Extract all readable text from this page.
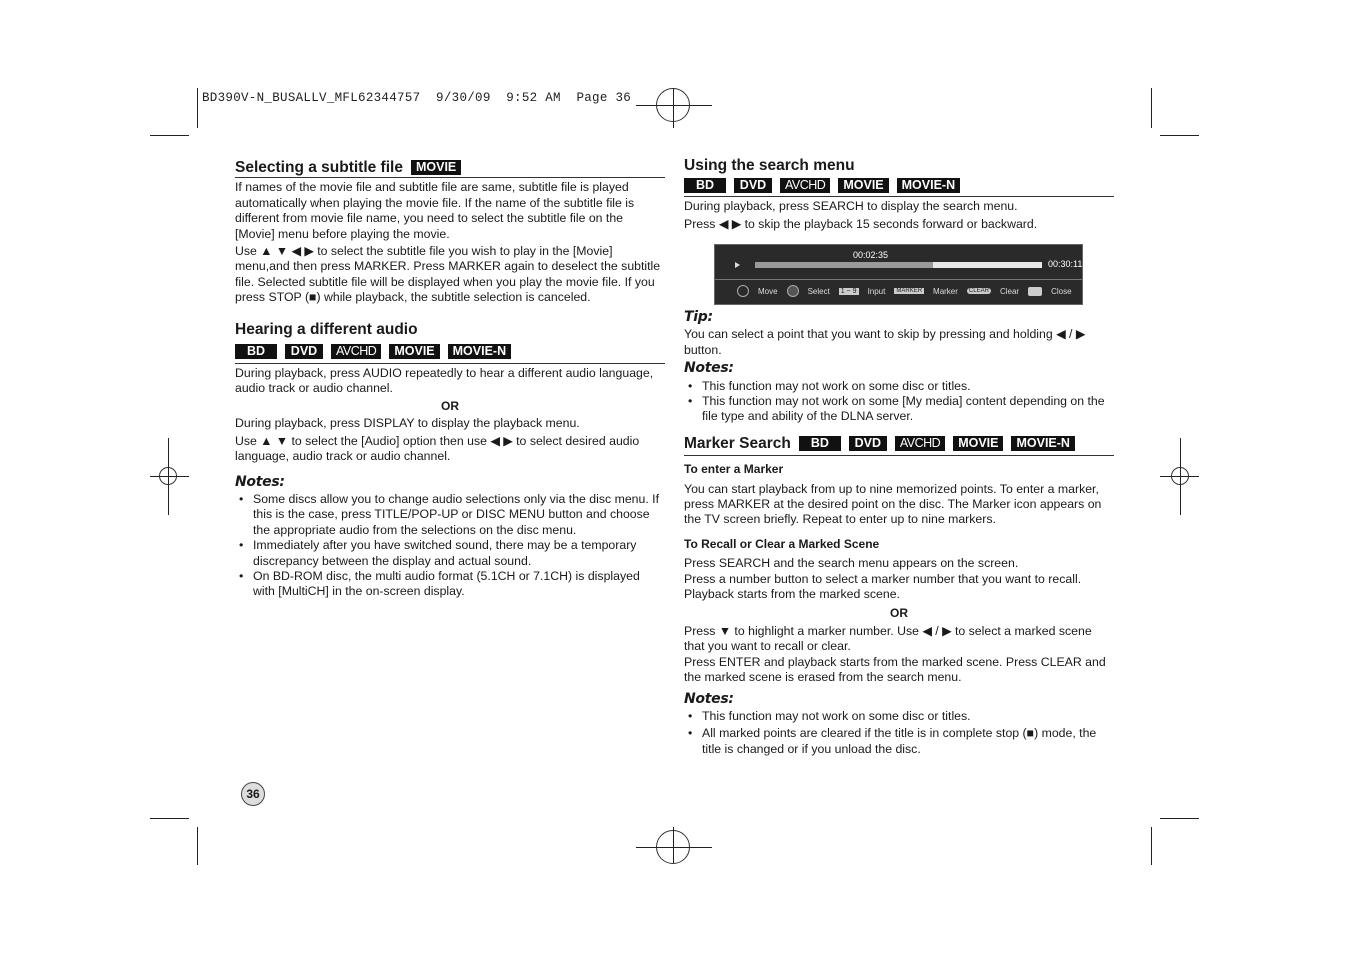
BD390V-N_BUSALLV_MFL62344757  9/30/09  9:52 AM  Page 36
Selecting a subtitle file	MOVIE

If names of the movie file and subtitle file are same, subtitle file is played automatically when playing the movie file. If the name of the subtitle file is different from movie file name, you need to select the subtitle file on the [Movie] menu before playing the movie.

Use ▲ ▼ ◀ ▶ to select the subtitle file you wish to play in the [Movie] menu,and then press MARKER. Press MARKER again to deselect the subtitle file. Selected subtitle file will be displayed when you play the movie file. If you press STOP (■) while playback, the subtitle selection is canceled.

Hearing a different audio
BD	DVD	AVCHD	MOVIE	MOVIE-N

During playback, press AUDIO repeatedly to hear a different audio language, audio track or audio channel.

OR

During playback, press DISPLAY to display the playback menu.

Use ▲ ▼ to select the [Audio] option then use ◀ ▶ to select desired audio language, audio track or audio channel.

Notes:
• Some discs allow you to change audio selections only via the disc menu. If this is the case, press TITLE/POP-UP or DISC MENU button and choose the appropriate audio from the selections on the disc menu.
• Immediately after you have switched sound, there may be a temporary discrepancy between the display and actual sound.
• On BD-ROM disc, the multi audio format (5.1CH or 7.1CH) is displayed with [MultiCH] in the on-screen display.
Using the search menu
BD	DVD	AVCHD	MOVIE	MOVIE-N

During playback, press SEARCH to display the search menu.

Press ◀ ▶ to skip the playback 15 seconds forward or backward.

00:02:35
00:30:11
Move	Select 1 ~ 9 Input	MARKER Marker	CLEAR Clear	Close
Tip:

You can select a point that you want to skip by pressing and holding ◀ / ▶ button.

Notes:
• This function may not work on some disc or titles.
• This function may not work on some [My media] content depending on the file type and ability of the DLNA server.
Marker Search	BD	DVD	AVCHD	MOVIE	MOVIE-N
To enter a Marker

You can start playback from up to nine memorized points. To enter a marker, press MARKER at the desired point on the disc. The Marker icon appears on the TV screen briefly. Repeat to enter up to nine markers.

To Recall or Clear a Marked Scene

Press SEARCH and the search menu appears on the screen.

Press a number button to select a marker number that you want to recall. Playback starts from the marked scene.

OR

Press ▼ to highlight a marker number. Use ◀ / ▶ to select a marked scene that you want to recall or clear.

Press ENTER and playback starts from the marked scene. Press CLEAR and the marked scene is erased from the search menu.

Notes:
• This function may not work on some disc or titles.
• All marked points are cleared if the title is in complete stop (■) mode, the title is changed or if you unload the disc.
36
